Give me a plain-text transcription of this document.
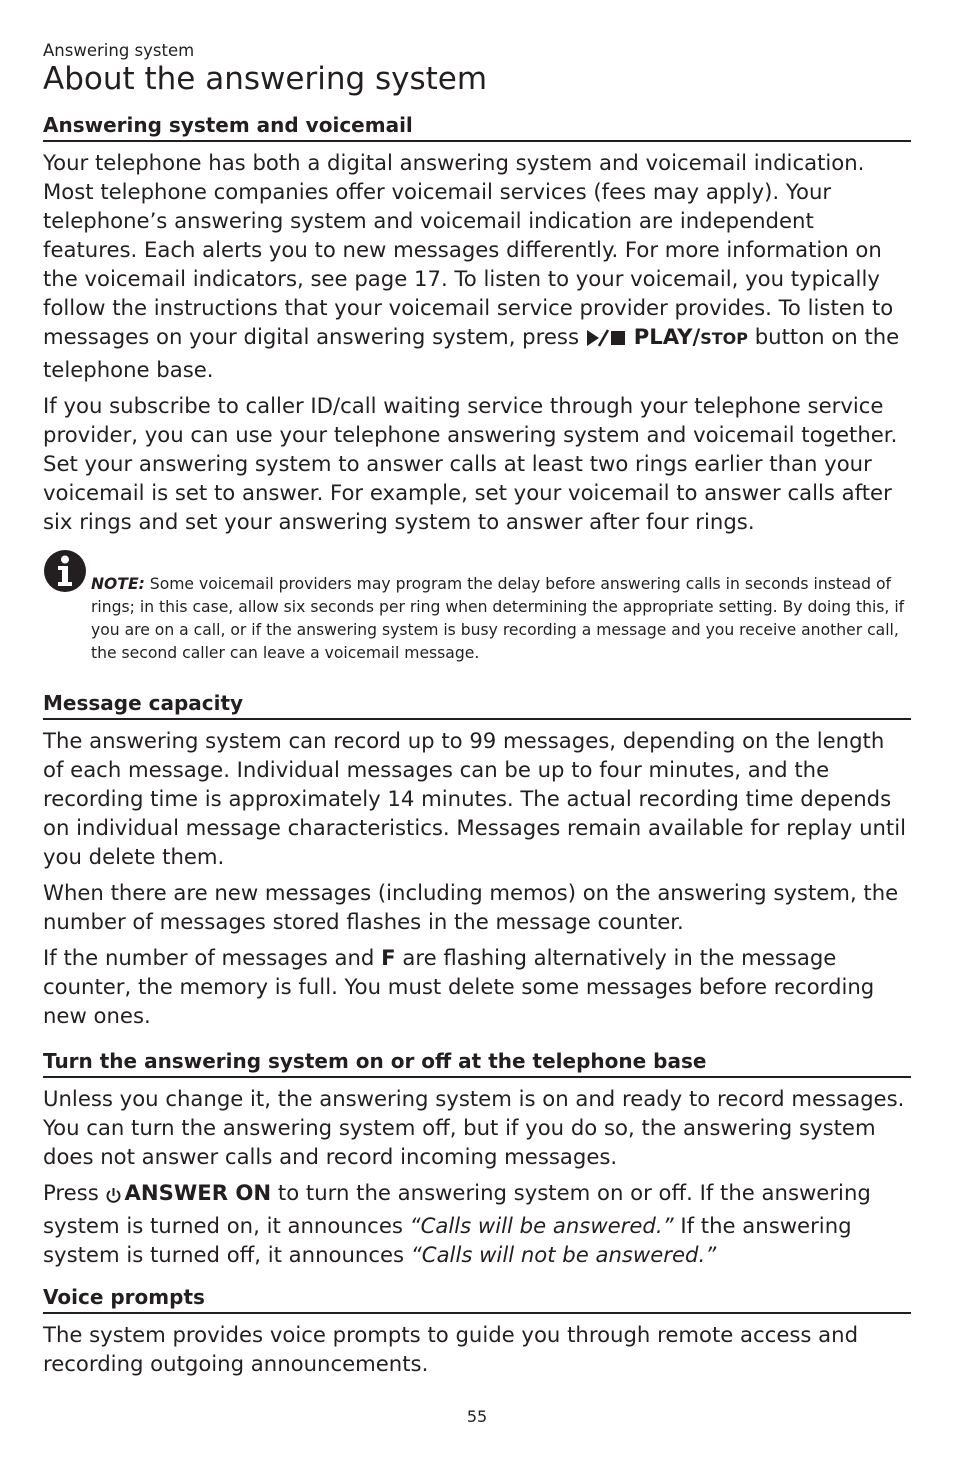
Answering system
About the answering system
Answering system and voicemail

Your telephone has both a digital answering system and voicemail indication. Most telephone companies offer voicemail services (fees may apply). Your telephone’s answering system and voicemail indication are independent features. Each alerts you to new messages differently. For more information on the voicemail indicators, see page 17. To listen to your voicemail, you typically follow the instructions that your voicemail service provider provides. To listen to messages on your digital answering system, press PLAY/STOP button on the telephone base.

If you subscribe to caller ID/call waiting service through your telephone service provider, you can use your telephone answering system and voicemail together. Set your answering system to answer calls at least two rings earlier than your voicemail is set to answer. For example, set your voicemail to answer calls after six rings and set your answering system to answer after four rings.

NOTE: Some voicemail providers may program the delay before answering calls in seconds instead of rings; in this case, allow six seconds per ring when determining the appropriate setting. By doing this, if you are on a call, or if the answering system is busy recording a message and you receive another call, the second caller can leave a voicemail message.

Message capacity

The answering system can record up to 99 messages, depending on the length of each message. Individual messages can be up to four minutes, and the recording time is approximately 14 minutes. The actual recording time depends on individual message characteristics. Messages remain available for replay until you delete them.

When there are new messages (including memos) on the answering system, the number of messages stored flashes in the message counter.

If the number of messages and F are flashing alternatively in the message counter, the memory is full. You must delete some messages before recording new ones.

Turn the answering system on or off at the telephone base

Unless you change it, the answering system is on and ready to record messages. You can turn the answering system off, but if you do so, the answering system does not answer calls and record incoming messages.

Press ANSWER ON to turn the answering system on or off. If the answering system is turned on, it announces “Calls will be answered.” If the answering system is turned off, it announces “Calls will not be answered.”

Voice prompts

The system provides voice prompts to guide you through remote access and recording outgoing announcements.

55
